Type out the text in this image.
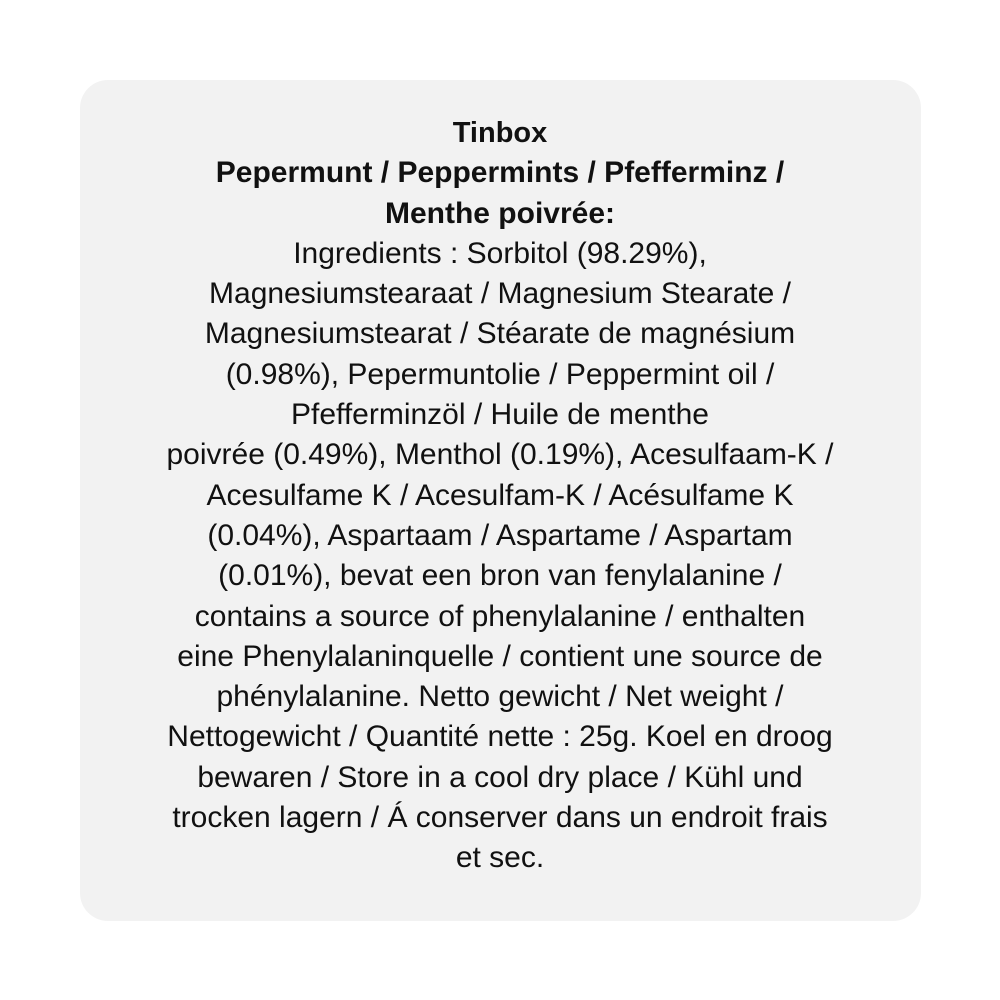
Tinbox
Pepermunt / Peppermints / Pfefferminz /
Menthe poivrée:
Ingredients : Sorbitol (98.29%),
Magnesiumstearaat / Magnesium Stearate /
Magnesiumstearat / Stéarate de magnésium
(0.98%), Pepermuntolie / Peppermint oil /
Pfefferminzöl / Huile de menthe
poivrée (0.49%), Menthol (0.19%), Acesulfaam-K /
Acesulfame K / Acesulfam-K / Acésulfame K
(0.04%), Aspartaam / Aspartame / Aspartam
(0.01%), bevat een bron van fenylalanine /
contains a source of phenylalanine / enthalten
eine Phenylalaninquelle / contient une source de
phénylalanine. Netto gewicht / Net weight /
Nettogewicht / Quantité nette : 25g. Koel en droog
bewaren / Store in a cool dry place / Kühl und
trocken lagern / Á conserver dans un endroit frais
et sec.
